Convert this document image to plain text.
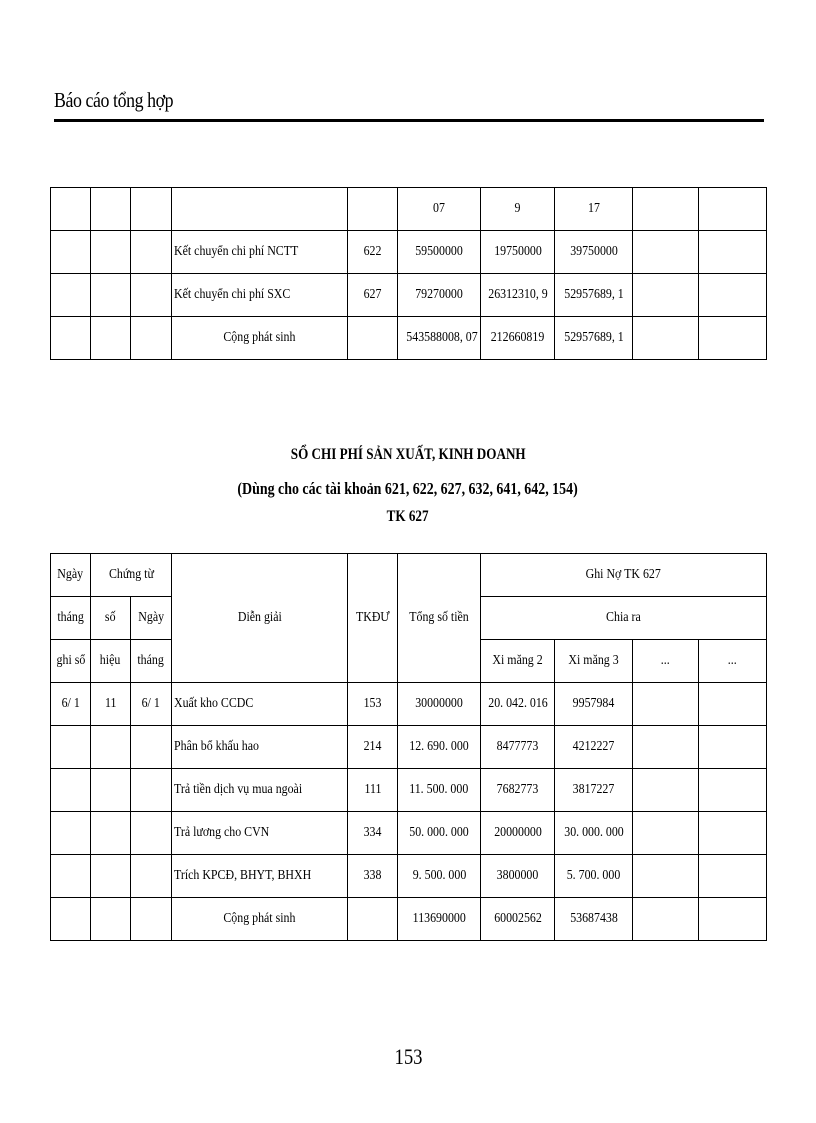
Báo cáo tổng hợp
					07	9	17		
			Kết chuyển chi phí NCTT	622	59500000	19750000	39750000		
			Kết chuyển chi phí SXC	627	79270000	26312310, 9	52957689, 1		
			Cộng phát sinh		543588008, 07	212660819	52957689, 1		
SỔ CHI PHÍ SẢN XUẤT, KINH DOANH
(Dùng cho các tài khoản 621, 622, 627, 632, 641, 642, 154)
TK 627
Ngày	Chứng từ		Diễn giải	TKĐƯ	Tổng số tiền	Ghi Nợ TK 627			
tháng	số	Ngày				Chia ra			
ghi sổ	hiệu	tháng				Xi măng 2	Xi măng 3	...	...
6/ 1	11	6/ 1	Xuất kho CCDC	153	30000000	20. 042. 016	9957984		
			Phân bổ khấu hao	214	12. 690. 000	8477773	4212227		
			Trả tiền dịch vụ mua ngoài	111	11. 500. 000	7682773	3817227		
			Trả lương cho CVN	334	50. 000. 000	20000000	30. 000. 000		
			Trích KPCĐ, BHYT, BHXH	338	9. 500. 000	3800000	5. 700. 000		
			Cộng phát sinh		113690000	60002562	53687438		
153
